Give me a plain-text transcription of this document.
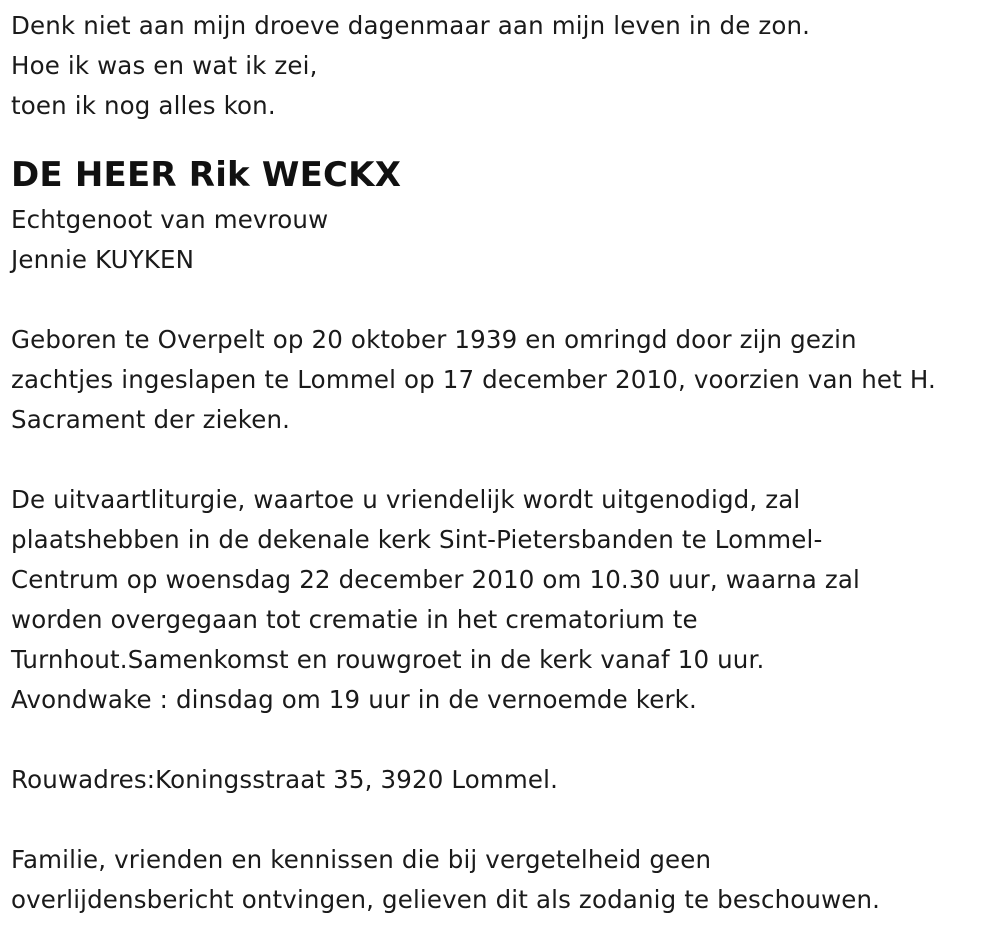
Denk niet aan mijn droeve dagenmaar aan mijn leven in de zon.
Hoe ik was en wat ik zei,
toen ik nog alles kon.
DE HEER Rik WECKX
Echtgenoot van mevrouw
Jennie KUYKEN
Geboren te Overpelt op 20 oktober 1939 en omringd door zijn gezin
zachtjes ingeslapen te Lommel op 17 december 2010, voorzien van het H.
Sacrament der zieken.
De uitvaartliturgie, waartoe u vriendelijk wordt uitgenodigd, zal
plaatshebben in de dekenale kerk Sint-Pietersbanden te Lommel-
Centrum op woensdag 22 december 2010 om 10.30 uur, waarna zal
worden overgegaan tot crematie in het crematorium te
Turnhout.Samenkomst en rouwgroet in de kerk vanaf 10 uur.
Avondwake : dinsdag om 19 uur in de vernoemde kerk.
Rouwadres:Koningsstraat 35, 3920 Lommel.
Familie, vrienden en kennissen die bij vergetelheid geen
overlijdensbericht ontvingen, gelieven dit als zodanig te beschouwen.
